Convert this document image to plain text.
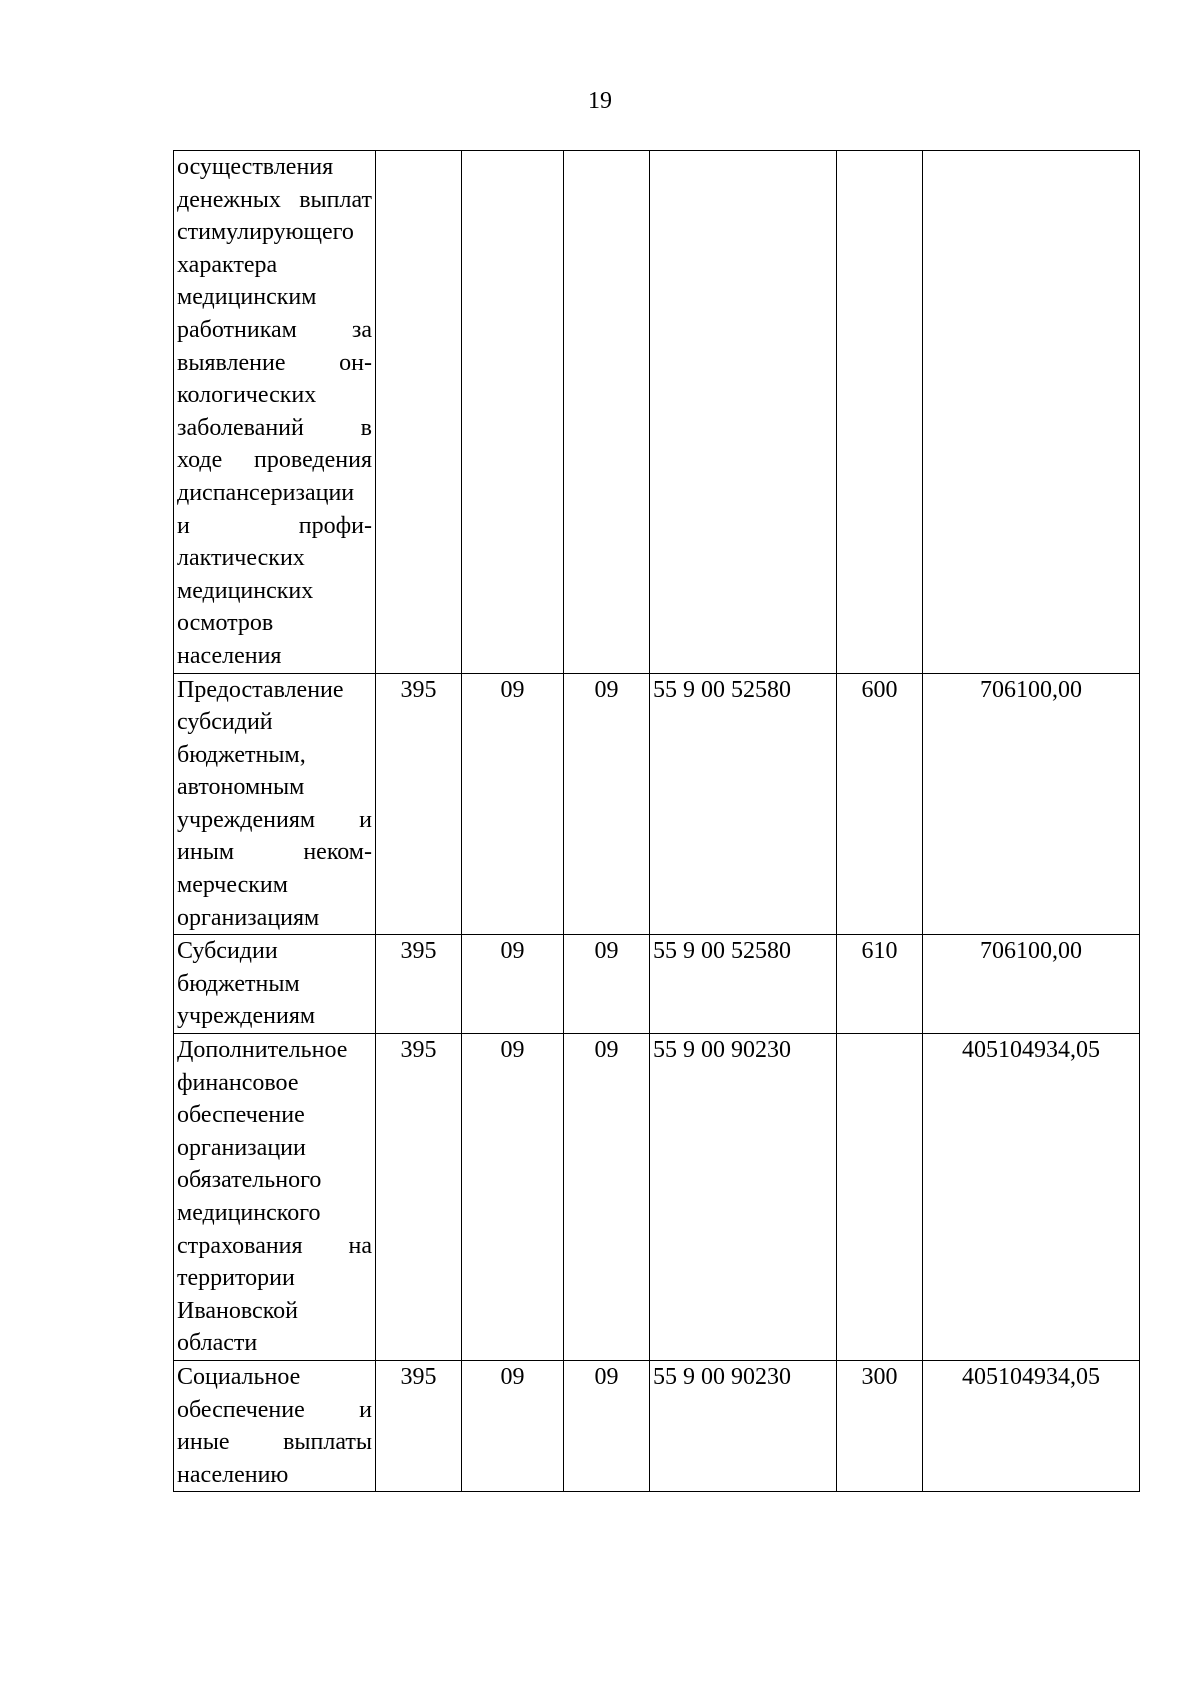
19
осуществления денежных выплат стимулирующего характера медицинским работникам за выявление онкологических заболеваний в ходе проведения диспансеризации и профилактических медицинских осмотров населения						
Предоставление субсидий бюджетным, автономным учреждениям и иным некоммерческим организациям	395	09	09	55 9 00 52580	600	706100,00
Субсидии бюджетным учреждениям	395	09	09	55 9 00 52580	610	706100,00
Дополнительное финансовое обеспечение организации обязательного медицинского страхования на территории Ивановской области	395	09	09	55 9 00 90230		405104934,05
Социальное обеспечение и иные выплаты населению	395	09	09	55 9 00 90230	300	405104934,05
